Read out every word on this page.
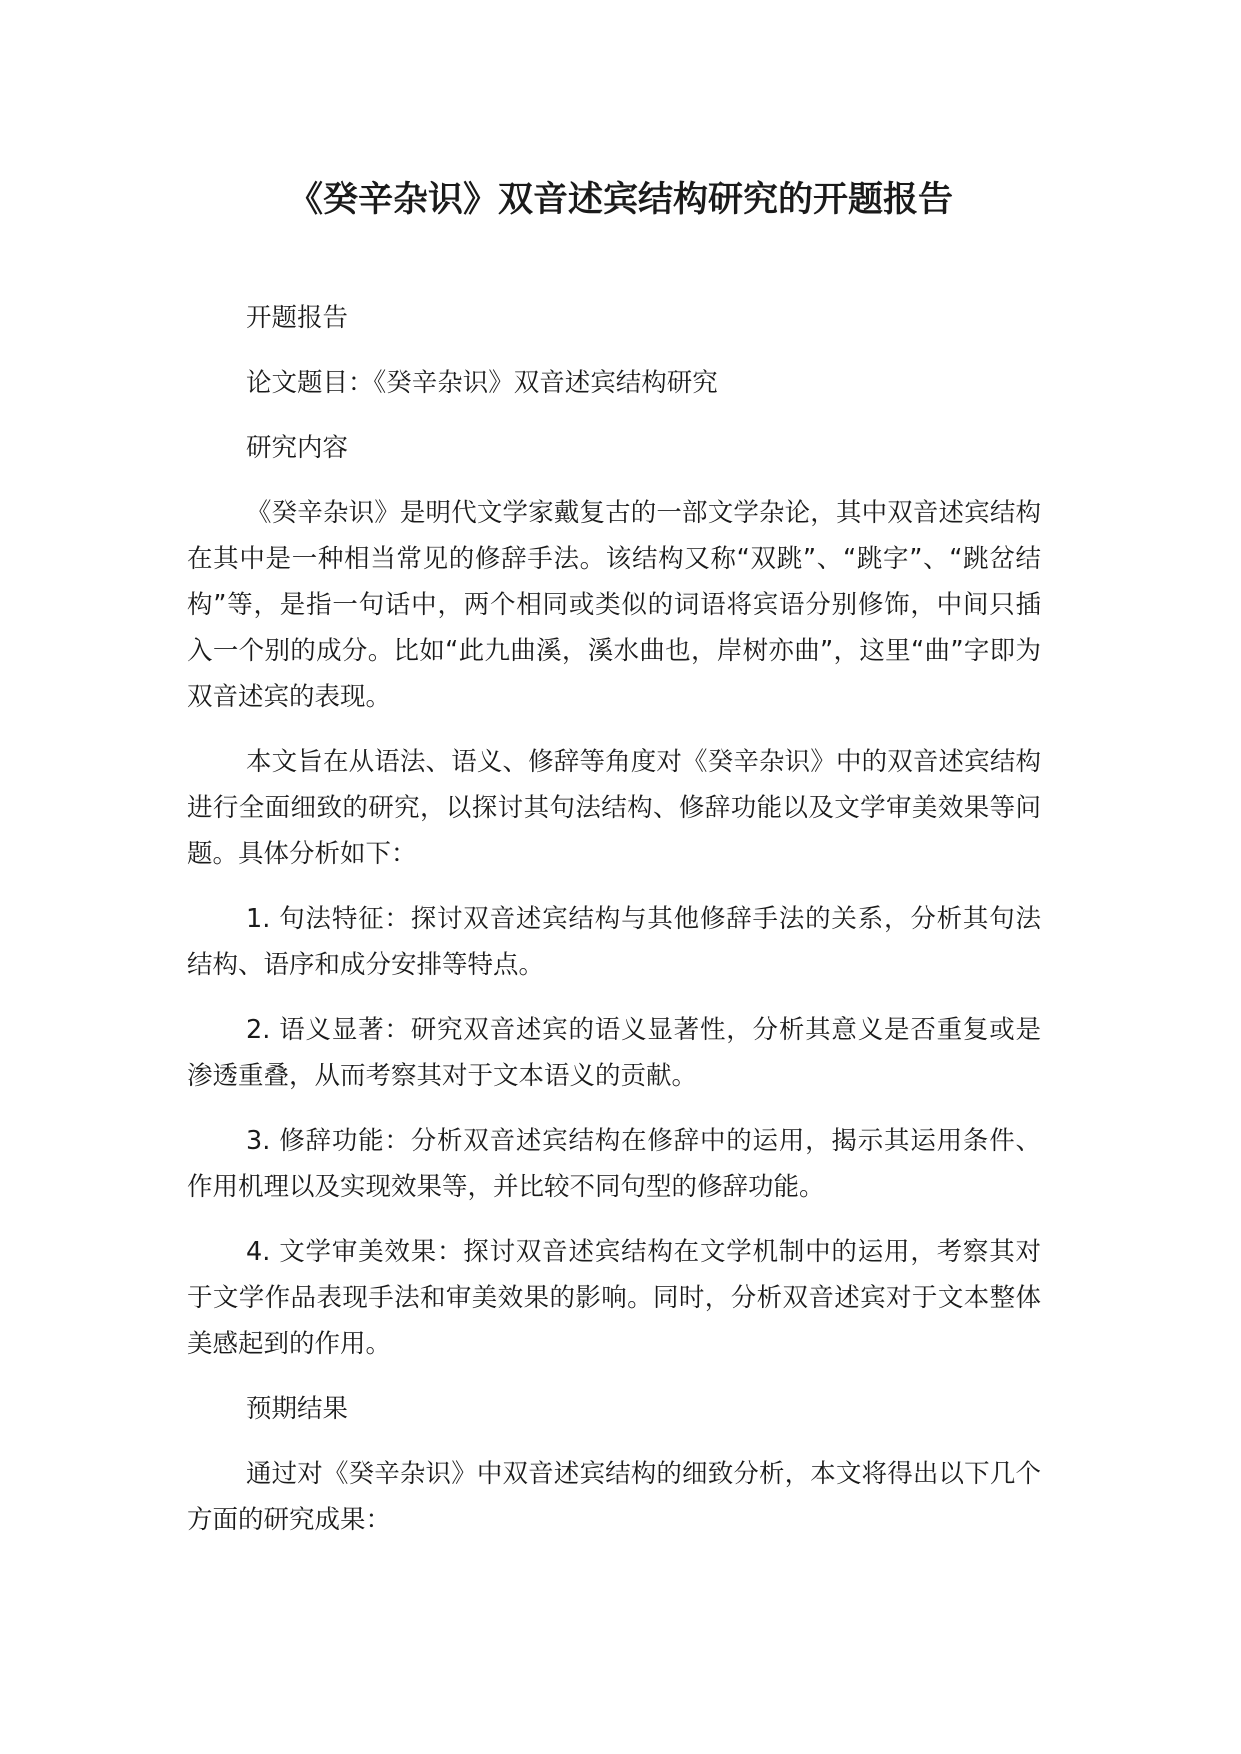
《癸辛杂识》双音述宾结构研究的开题报告

开题报告

论文题目：《癸辛杂识》双音述宾结构研究

研究内容

《癸辛杂识》是明代文学家戴复古的一部文学杂论，其中双音述宾结构在其中是一种相当常见的修辞手法。该结构又称“双跳”、“跳字”、“跳岔结构”等，是指一句话中，两个相同或类似的词语将宾语分别修饰，中间只插入一个别的成分。比如“此九曲溪，溪水曲也，岸树亦曲”，这里“曲”字即为双音述宾的表现。

本文旨在从语法、语义、修辞等角度对《癸辛杂识》中的双音述宾结构进行全面细致的研究，以探讨其句法结构、修辞功能以及文学审美效果等问题。具体分析如下：

1. 句法特征：探讨双音述宾结构与其他修辞手法的关系，分析其句法结构、语序和成分安排等特点。

2. 语义显著：研究双音述宾的语义显著性，分析其意义是否重复或是渗透重叠，从而考察其对于文本语义的贡献。

3. 修辞功能：分析双音述宾结构在修辞中的运用，揭示其运用条件、作用机理以及实现效果等，并比较不同句型的修辞功能。

4. 文学审美效果：探讨双音述宾结构在文学机制中的运用，考察其对于文学作品表现手法和审美效果的影响。同时，分析双音述宾对于文本整体美感起到的作用。

预期结果

通过对《癸辛杂识》中双音述宾结构的细致分析，本文将得出以下几个方面的研究成果：
